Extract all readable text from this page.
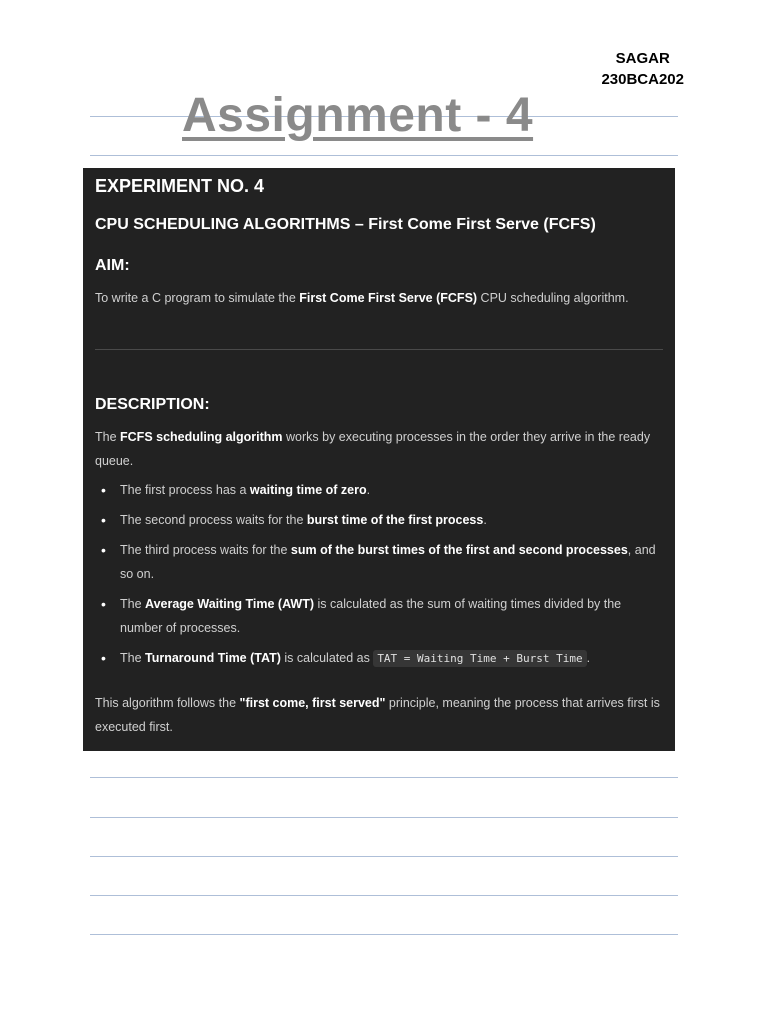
SAGAR
230BCA202
Assignment - 4
EXPERIMENT NO. 4
CPU SCHEDULING ALGORITHMS – First Come First Serve (FCFS)
AIM:
To write a C program to simulate the First Come First Serve (FCFS) CPU scheduling algorithm.
DESCRIPTION:
The FCFS scheduling algorithm works by executing processes in the order they arrive in the ready queue.
• The first process has a waiting time of zero.
• The second process waits for the burst time of the first process.
• The third process waits for the sum of the burst times of the first and second processes, and so on.
• The Average Waiting Time (AWT) is calculated as the sum of waiting times divided by the number of processes.
• The Turnaround Time (TAT) is calculated as TAT = Waiting Time + Burst Time .
This algorithm follows the "first come, first served" principle, meaning the process that arrives first is executed first.
